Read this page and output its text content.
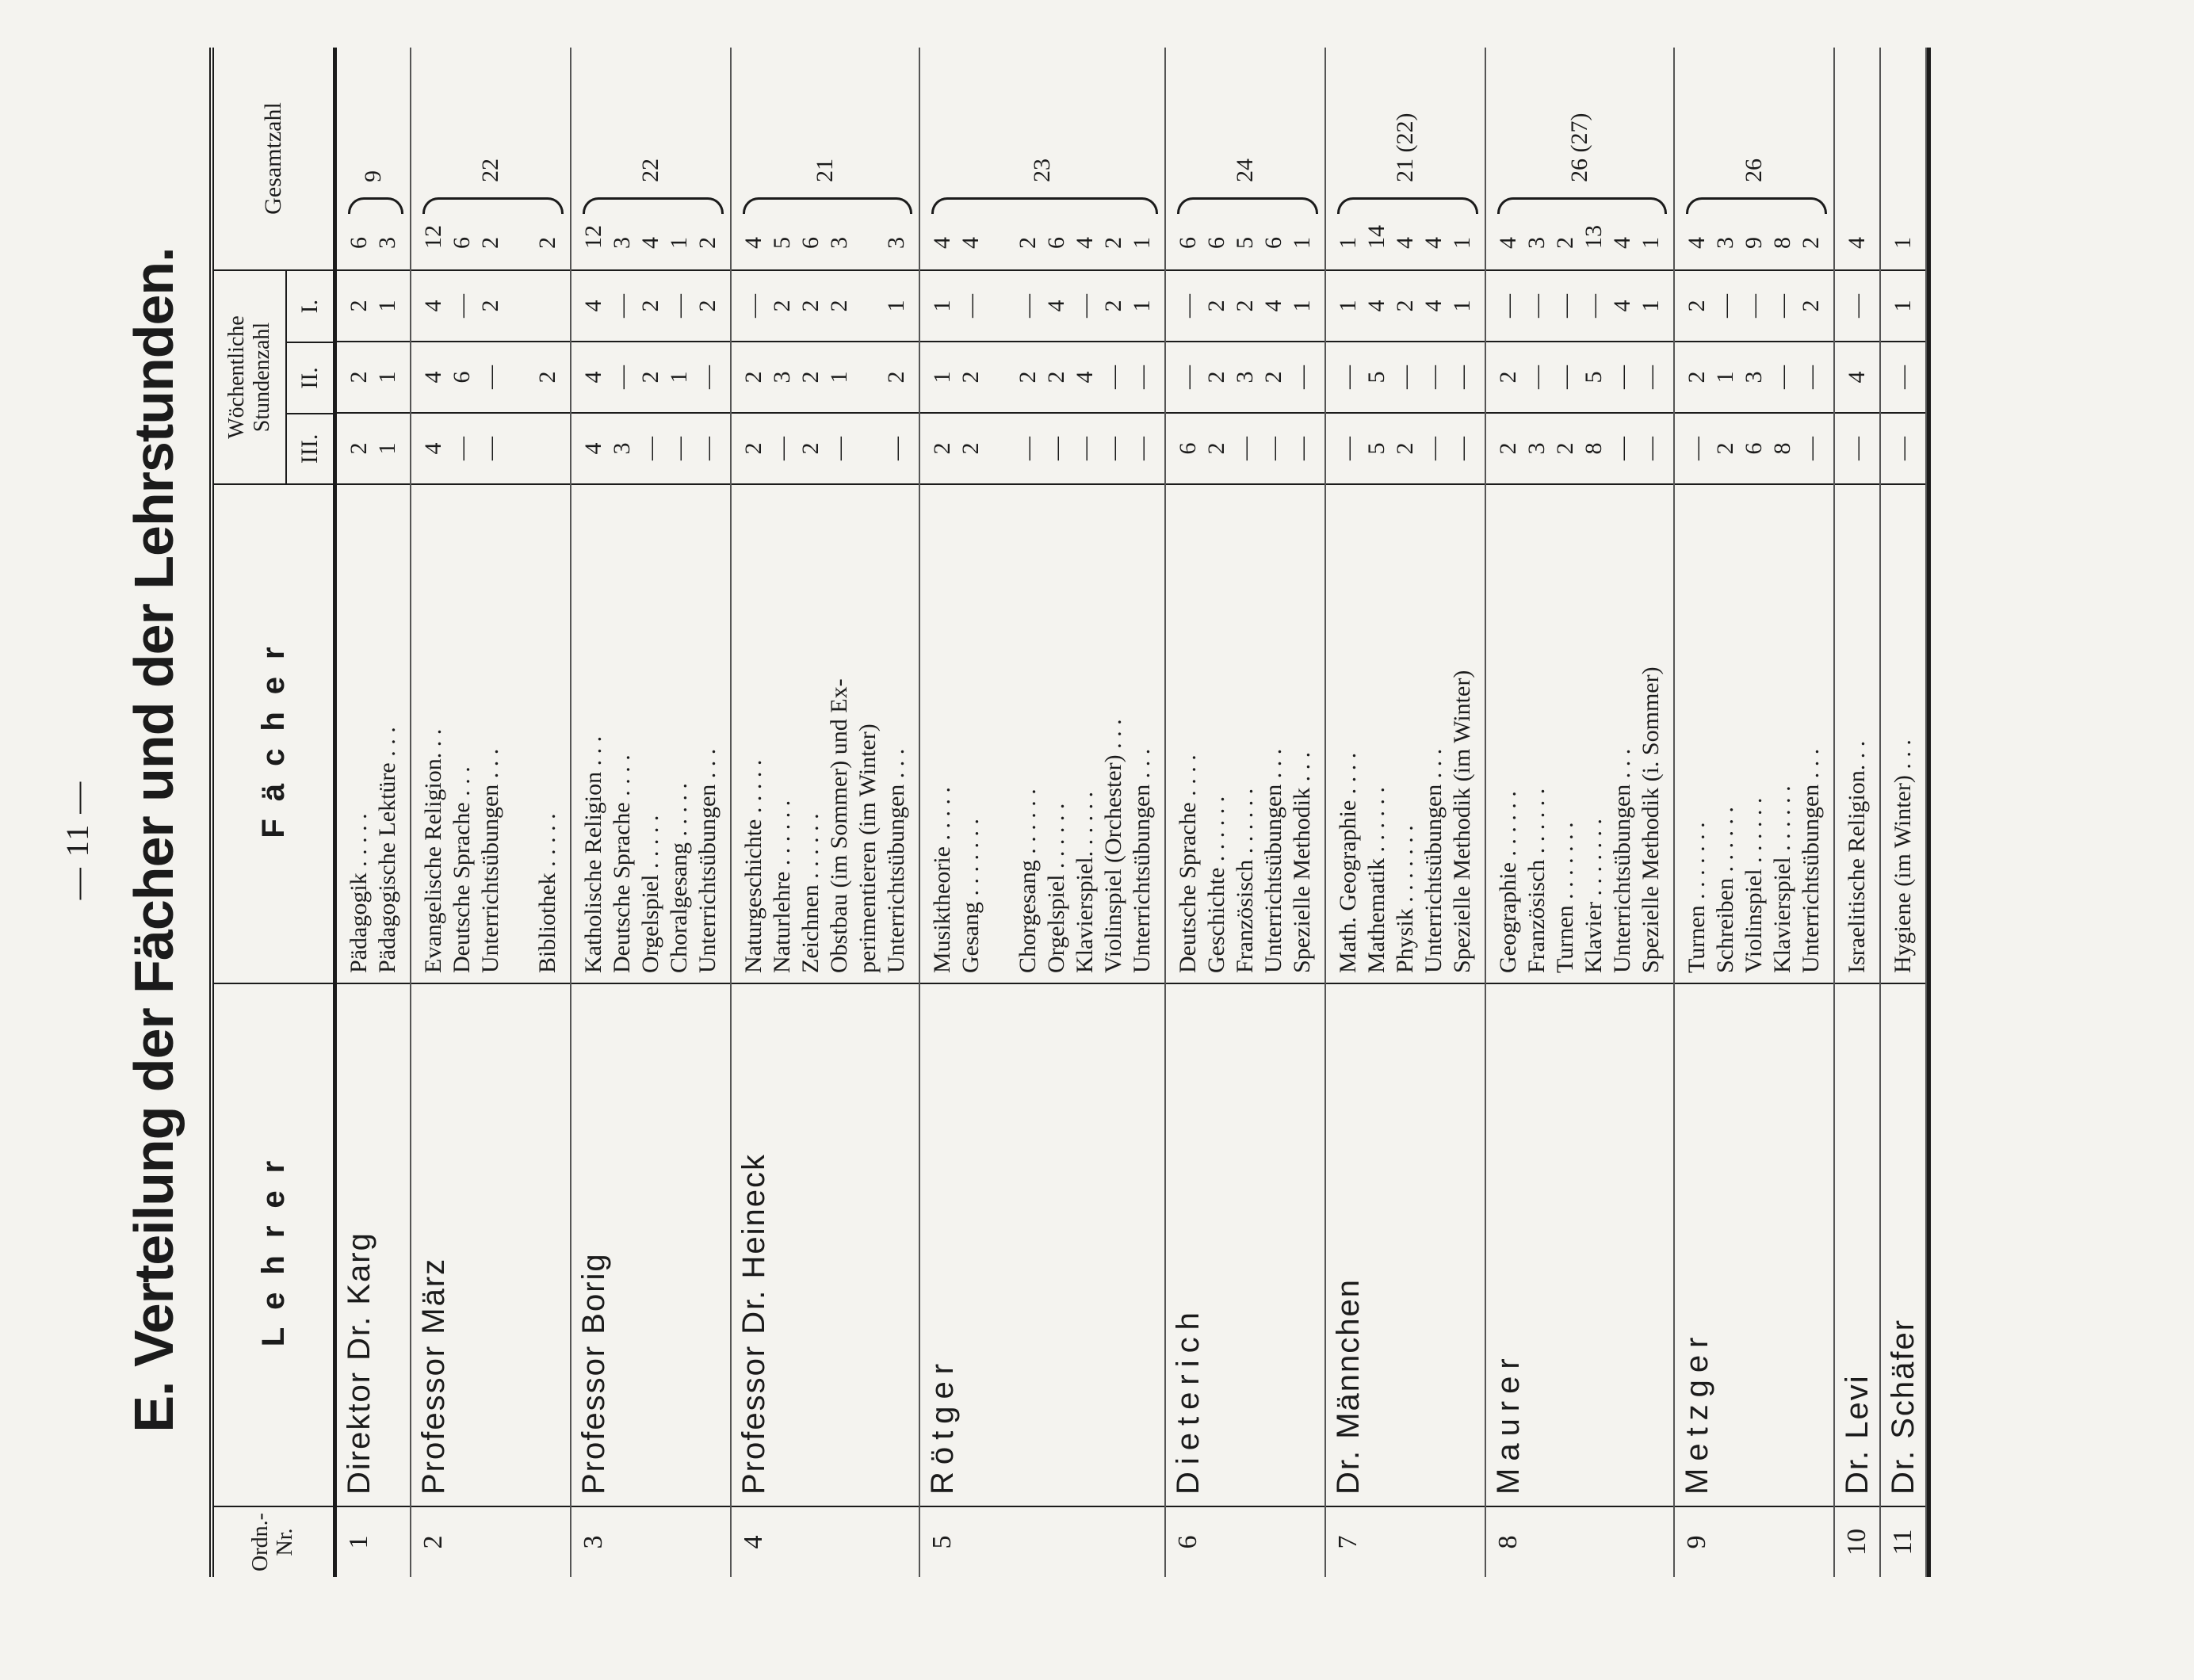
— 11 — E. Verteilung der Fächer und der Lehrstunden.
Ordn.-Nr.
Lehrer
Fächer
Wöchentliche Stundenzahl
III.
II.
I.
Gesamtzahl
1
Direktor Dr. Karg
Pädagogik . . . . . Pädagogische Lektüre . . .
2 1
2 1
2 1
6 3
9
2
Professor März
Evangelische Religion. . . Deutsche Sprache . . . Unterrichtsübungen . . . Bibliothek . . . . .
4 — —
4 6 — 2
4 — 2
12 6 2 2
22
3
Professor Borig
Katholische Religion . . . Deutsche Sprache . . . . Orgelspiel . . . . . Choralgesang . . . . . Unterrichtsübungen . . .
4 3 — — —
4 — 2 1 —
4 — 2 — 2
12 3 4 1 2
22
4
Professor Dr. Heineck
Naturgeschichte . . . . . Naturlehre . . . . . . Zeichnen . . . . . . Obstbau (im Sommer) und Ex- perimentieren (im Winter) Unterrichtsübungen . . .
2 — 2 — —
2 3 2 1 2
— 2 2 2 1
4 5 6 3 3
21
5
Rötger
Musiktheorie . . . . . Gesang . . . . . . . Chorgesang . . . . . . Orgelspiel . . . . . . Klavierspiel. . . . . . Violinspiel (Orchester) . . . Unterrichtsübungen . . .
2 2 — — — — —
1 2 2 2 4 — —
1 — — 4 — 2 1
4 4 2 6 4 2 1
23
6
Dieterich
Deutsche Sprache . . . . Geschichte . . . . . . Französisch . . . . . . Unterrichtsübungen . . . Spezielle Methodik . . .
6 2 — — —
— 2 3 2 —
— 2 2 4 1
6 6 5 6 1
24
7
Dr. Männchen
Math. Geographie . . . . Mathematik . . . . . . Physik . . . . . . . Unterrichtsübungen . . . Spezielle Methodik (im Winter)
— 5 2 — —
— 5 — — —
1 4 2 4 1
1 14 4 4 1
21 (22)
8
Maurer
Geographie . . . . . . Französisch . . . . . . Turnen . . . . . . . Klavier . . . . . . . Unterrichtsübungen . . . Spezielle Methodik (i. Sommer)
2 3 2 8 — —
2 — — 5 — —
— — — — 4 1
4 3 2 13 4 1
26 (27)
9
Metzger
Turnen . . . . . . . Schreiben . . . . . . Violinspiel . . . . . . Klavierspiel . . . . . . Unterrichtsübungen . . .
— 2 6 8 —
2 1 3 — —
2 — — — 2
4 3 9 8 2
26
10
Dr. Levi
Israelitische Religion. . .
—
4
—
4
11
Dr. Schäfer
Hygiene (im Winter) . . .
—
—
1
1
